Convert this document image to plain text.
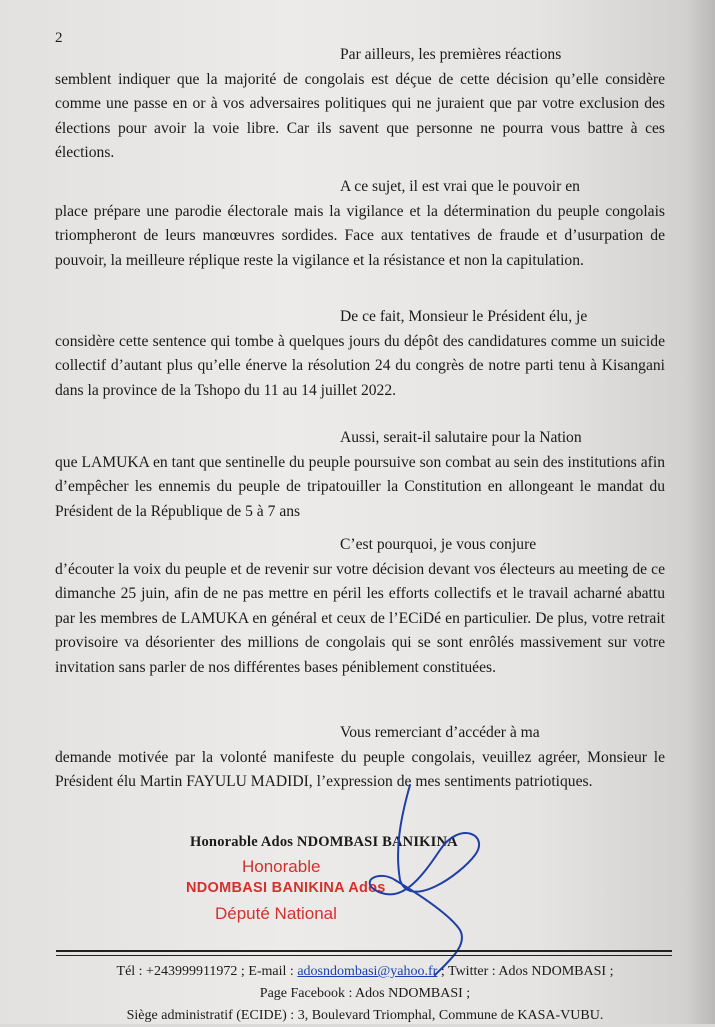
2
Par ailleurs, les premières réactions
semblent indiquer que la majorité de congolais est déçue de cette décision qu’elle considère comme une passe en or à vos adversaires politiques qui ne juraient que par votre exclusion des élections pour avoir la voie libre. Car ils savent que personne ne pourra vous battre à ces élections.
A ce sujet, il est vrai que le pouvoir en
place prépare une parodie électorale mais la vigilance et la détermination du peuple congolais triompheront de leurs manœuvres sordides. Face aux tentatives de fraude et d’usurpation de pouvoir, la meilleure réplique reste la vigilance et la résistance et non la capitulation.
De ce fait, Monsieur le Président élu, je
considère cette sentence qui tombe à quelques jours du dépôt des candidatures comme un suicide collectif d’autant plus qu’elle énerve la résolution 24 du congrès de notre parti tenu à Kisangani dans la province de la Tshopo du 11 au 14 juillet 2022.
Aussi, serait-il salutaire pour la Nation
que LAMUKA en tant que sentinelle du peuple poursuive son combat au sein des institutions afin d’empêcher les ennemis du peuple de tripatouiller la Constitution en allongeant le mandat du Président de la République de 5 à 7 ans
C’est pourquoi, je vous conjure
d’écouter la voix du peuple et de revenir sur votre décision devant vos électeurs au meeting de ce dimanche 25 juin, afin de ne pas mettre en péril les efforts collectifs et le travail acharné abattu par les membres de LAMUKA en général et ceux de l’ECiDé en particulier. De plus, votre retrait provisoire va désorienter des millions de congolais qui se sont enrôlés massivement sur votre invitation sans parler de nos différentes bases péniblement constituées.
Vous remerciant d’accéder à ma
demande motivée par la volonté manifeste du peuple congolais, veuillez agréer, Monsieur le Président élu Martin FAYULU MADIDI, l’expression de mes sentiments patriotiques.
Honorable Ados NDOMBASI BANIKINA
Honorable
NDOMBASI BANIKINA Ados
Député National
Tél : +243999911972 ; E-mail : adosndombasi@yahoo.fr ; Twitter : Ados NDOMBASI ;
Page Facebook : Ados NDOMBASI ;
Siège administratif (ECIDE) : 3, Boulevard Triomphal, Commune de KASA-VUBU.
